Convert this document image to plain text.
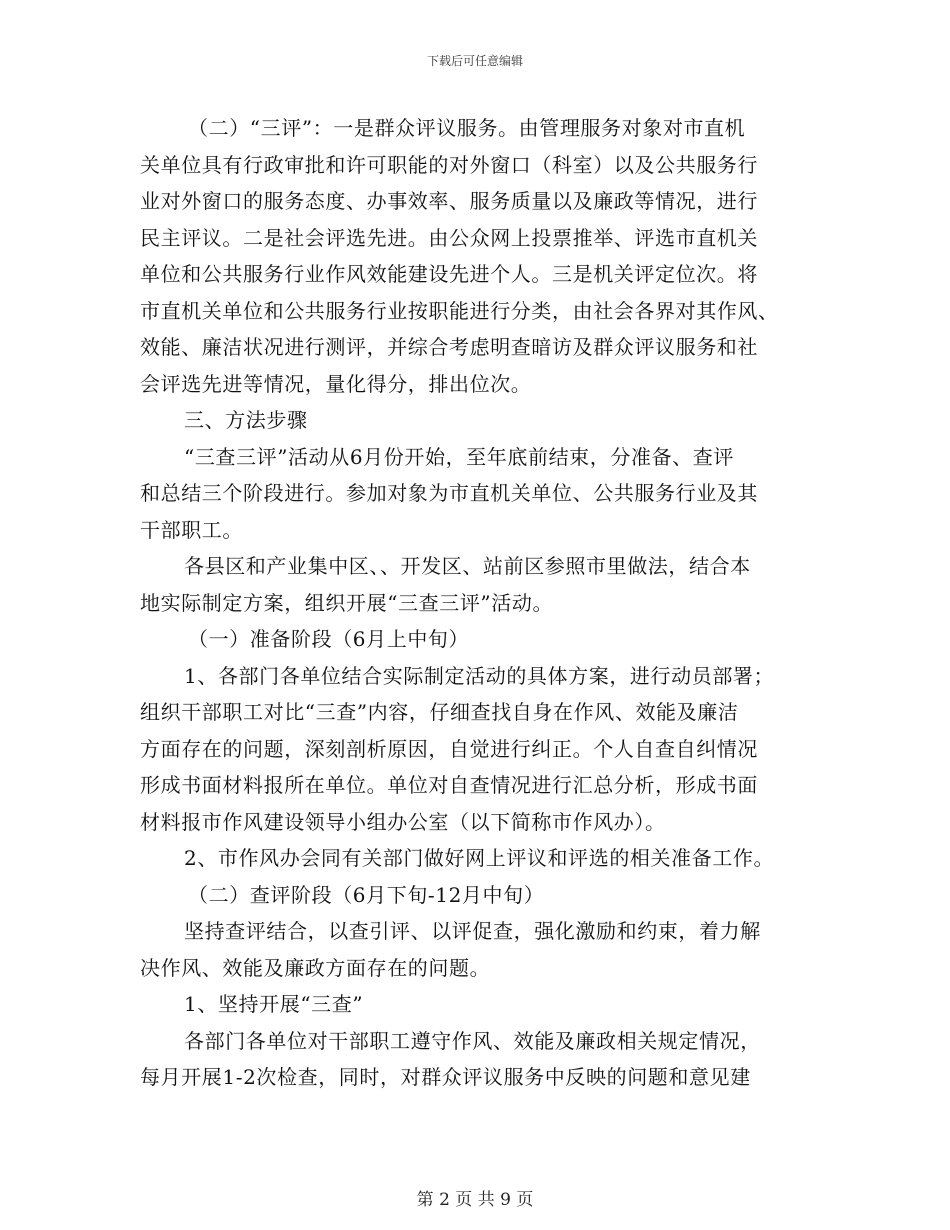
下载后可任意编辑
（二）“三评”：一是群众评议服务。由管理服务对象对市直机
关单位具有行政审批和许可职能的对外窗口（科室）以及公共服务行
业对外窗口的服务态度、办事效率、服务质量以及廉政等情况，进行
民主评议。二是社会评选先进。由公众网上投票推举、评选市直机关
单位和公共服务行业作风效能建设先进个人。三是机关评定位次。将
市直机关单位和公共服务行业按职能进行分类，由社会各界对其作风、
效能、廉洁状况进行测评，并综合考虑明查暗访及群众评议服务和社
会评选先进等情况，量化得分，排出位次。
三、方法步骤
“三查三评”活动从6月份开始，至年底前结束，分准备、查评
和总结三个阶段进行。参加对象为市直机关单位、公共服务行业及其
干部职工。
各县区和产业集中区、、开发区、站前区参照市里做法，结合本
地实际制定方案，组织开展“三查三评”活动。
（一）准备阶段（6月上中旬）
1、各部门各单位结合实际制定活动的具体方案，进行动员部署；
组织干部职工对比“三查”内容，仔细查找自身在作风、效能及廉洁
方面存在的问题，深刻剖析原因，自觉进行纠正。个人自查自纠情况
形成书面材料报所在单位。单位对自查情况进行汇总分析，形成书面
材料报市作风建设领导小组办公室（以下简称市作风办）。
2、市作风办会同有关部门做好网上评议和评选的相关准备工作。
（二）查评阶段（6月下旬-12月中旬）
坚持查评结合，以查引评、以评促查，强化激励和约束，着力解
决作风、效能及廉政方面存在的问题。
1、坚持开展“三查”
各部门各单位对干部职工遵守作风、效能及廉政相关规定情况，
每月开展1-2次检查，同时，对群众评议服务中反映的问题和意见建
第 2 页 共 9 页
